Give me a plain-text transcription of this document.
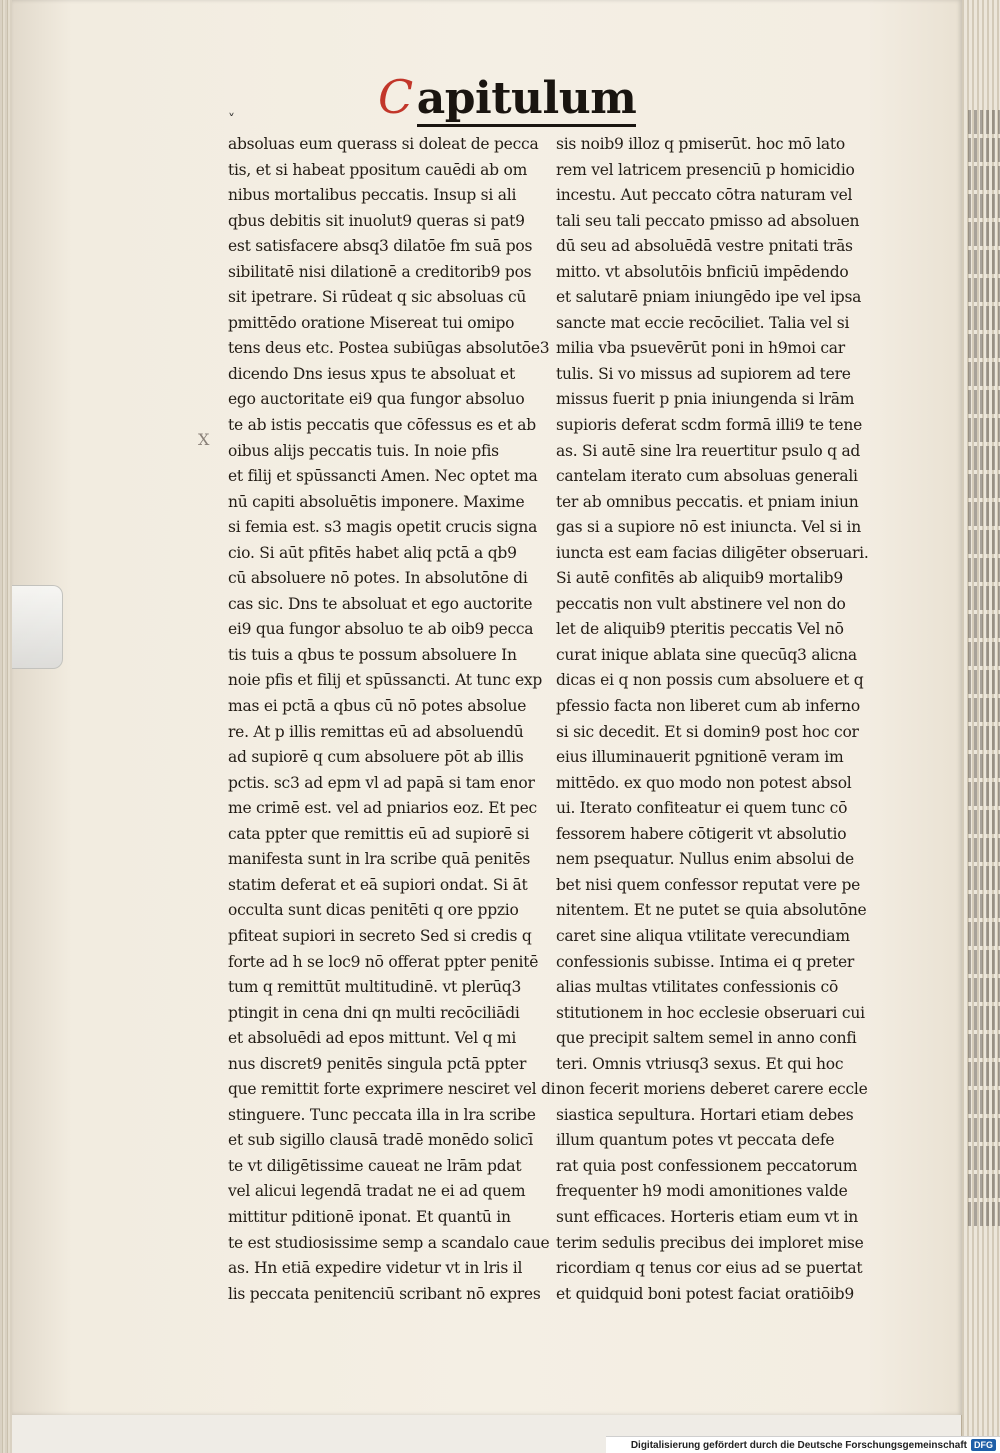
Capitulum
˅
X
absoluas eum querass si doleat de pecca
tis, et si habeat ppositum cauēdi ab om
nibus mortalibus peccatis. Insup si ali
qbus debitis sit inuolut9 queras si pat9
est satisfacere absq3 dilatōe fm suā pos
sibilitatē nisi dilationē a creditorib9 pos
sit ipetrare. Si rūdeat q sic absoluas cū
pmittēdo oratione Misereat tui omipo
tens deus etc. Postea subiūgas absolutōe3
dicendo Dns iesus xpus te absoluat et
ego auctoritate ei9 qua fungor absoluo
te ab istis peccatis que cōfessus es et ab
oibus alijs peccatis tuis. In noie pfis
et filij et spūssancti Amen. Nec optet ma
nū capiti absoluētis imponere. Maxime
si femia est. s3 magis opetit crucis signa
cio. Si aūt pfitēs habet aliq pctā a qb9
cū absoluere nō potes. In absolutōne di
cas sic. Dns te absoluat et ego auctorite
ei9 qua fungor absoluo te ab oib9 pecca
tis tuis a qbus te possum absoluere In
noie pfis et filij et spūssancti. At tunc exp
mas ei pctā a qbus cū nō potes absolue
re. At p illis remittas eū ad absoluendū
ad supiorē q cum absoluere pōt ab illis
pctis. sc3 ad epm vl ad papā si tam enor
me crimē est. vel ad pniarios eoz. Et pec
cata ppter que remittis eū ad supiorē si
manifesta sunt in lra scribe quā penitēs
statim deferat et eā supiori ondat. Si āt
occulta sunt dicas penitēti q ore ppzio
pfiteat supiori in secreto Sed si credis q
forte ad h se loc9 nō offerat ppter penitē
tum q remittūt multitudinē. vt plerūq3
ptingit in cena dni qn multi recōciliādi
et absoluēdi ad epos mittunt. Vel q mi
nus discret9 penitēs singula pctā ppter
que remittit forte exprimere nesciret vel di
stinguere. Tunc peccata illa in lra scribe
et sub sigillo clausā tradē monēdo solicī
te vt diligētissime caueat ne lrām pdat
vel alicui legendā tradat ne ei ad quem
mittitur pditionē iponat. Et quantū in
te est studiosissime semp a scandalo caue
as. Hn etiā expedire videtur vt in lris il
lis peccata penitenciū scribant nō expres
sis noib9 illoz q pmiserūt. hoc mō lato
rem vel latricem presenciū p homicidio
incestu. Aut peccato cōtra naturam vel
tali seu tali peccato pmisso ad absoluen
dū seu ad absoluēdā vestre pnitati trās
mitto. vt absolutōis bnficiū impēdendo
et salutarē pniam iniungēdo ipe vel ipsa
sancte mat eccie recōciliet. Talia vel si
milia vba psuevērūt poni in h9moi car
tulis. Si vo missus ad supiorem ad tere
missus fuerit p pnia iniungenda si lrām
supioris deferat scdm formā illi9 te tene
as. Si autē sine lra reuertitur psulo q ad
cantelam iterato cum absoluas generali
ter ab omnibus peccatis. et pniam iniun
gas si a supiore nō est iniuncta. Vel si in
iuncta est eam facias diligēter obseruari.
Si autē confitēs ab aliquib9 mortalib9
peccatis non vult abstinere vel non do
let de aliquib9 pteritis peccatis Vel nō
curat inique ablata sine quecūq3 alicna
dicas ei q non possis cum absoluere et q
pfessio facta non liberet cum ab inferno
si sic decedit. Et si domin9 post hoc cor
eius illuminauerit pgnitionē veram im
mittēdo. ex quo modo non potest absol
ui. Iterato confiteatur ei quem tunc cō
fessorem habere cōtigerit vt absolutio
nem psequatur. Nullus enim absolui de
bet nisi quem confessor reputat vere pe
nitentem. Et ne putet se quia absolutōne
caret sine aliqua vtilitate verecundiam
confessionis subisse. Intima ei q preter
alias multas vtilitates confessionis cō
stitutionem in hoc ecclesie obseruari cui
que precipit saltem semel in anno confi
teri. Omnis vtriusq3 sexus. Et qui hoc
non fecerit moriens deberet carere eccle
siastica sepultura. Hortari etiam debes
illum quantum potes vt peccata defe
rat quia post confessionem peccatorum
frequenter h9 modi amonitiones valde
sunt efficaces. Horteris etiam eum vt in
terim sedulis precibus dei imploret mise
ricordiam q tenus cor eius ad se puertat
et quidquid boni potest faciat oratiōib9
Digitalisierung gefördert durch die Deutsche Forschungsgemeinschaft DFG
